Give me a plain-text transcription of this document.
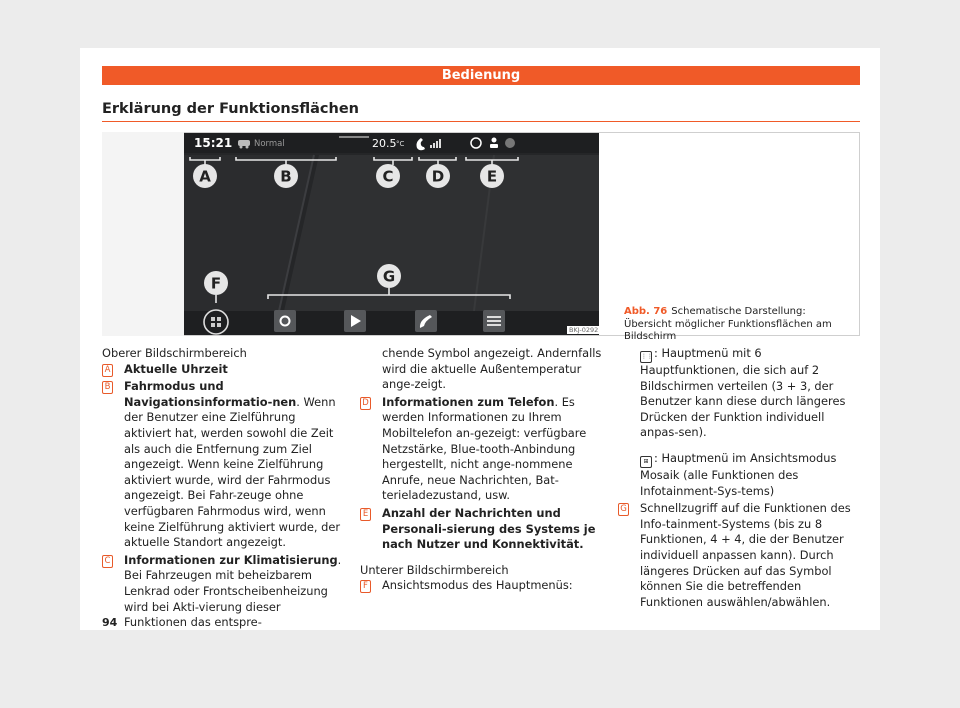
Bedienung
Erklärung der Funktionsflächen
15:21	Normal	20.5 °C
A	B	C	D	E
F	G
BKJ-0292
Abb. 76 Schematische Darstellung: Übersicht möglicher Funktionsflächen am Bildschirm

Oberer Bildschirmbereich

A Aktuelle Uhrzeit
B Fahrmodus und Navigationsinformatio-nen. Wenn der Benutzer eine Zielführung aktiviert hat, werden sowohl die Zeit als auch die Entfernung zum Ziel angezeigt. Wenn keine Zielführung aktiviert wurde, wird der Fahrmodus angezeigt. Bei Fahr-zeuge ohne verfügbaren Fahrmodus wird, wenn keine Zielführung aktiviert wurde, der aktuelle Standort angezeigt.
C Informationen zur Klimatisierung. Bei Fahrzeugen mit beheizbarem Lenkrad oder Frontscheibenheizung wird bei Akti-vierung dieser Funktionen das entspre-
chende Symbol angezeigt. Andernfalls wird die aktuelle Außentemperatur ange-zeigt.
D Informationen zum Telefon. Es werden Informationen zu Ihrem Mobiltelefon an-gezeigt: verfügbare Netzstärke, Blue-tooth-Anbindung hergestellt, nicht ange-nommene Anrufe, neue Nachrichten, Bat-terieladezustand, usw.
E Anzahl der Nachrichten und Personali-sierung des Systems je nach Nutzer und Konnektivität.

Unterer Bildschirmbereich

F Ansichtsmodus des Hauptmenüs:
⋮⋮: Hauptmenü mit 6 Hauptfunktionen, die sich auf 2 Bildschirmen verteilen (3 + 3, der Benutzer kann diese durch längeres Drücken der Funktion individuell anpas-sen).
⊞ : Hauptmenü im Ansichtsmodus Mosaik (alle Funktionen des Infotainment-Sys-tems)
G Schnellzugriff auf die Funktionen des Info-tainment-Systems (bis zu 8 Funktionen, 4 + 4, die der Benutzer individuell anpassen kann). Durch längeres Drücken auf das Symbol können Sie die betreffenden Funktionen auswählen/abwählen.
94
